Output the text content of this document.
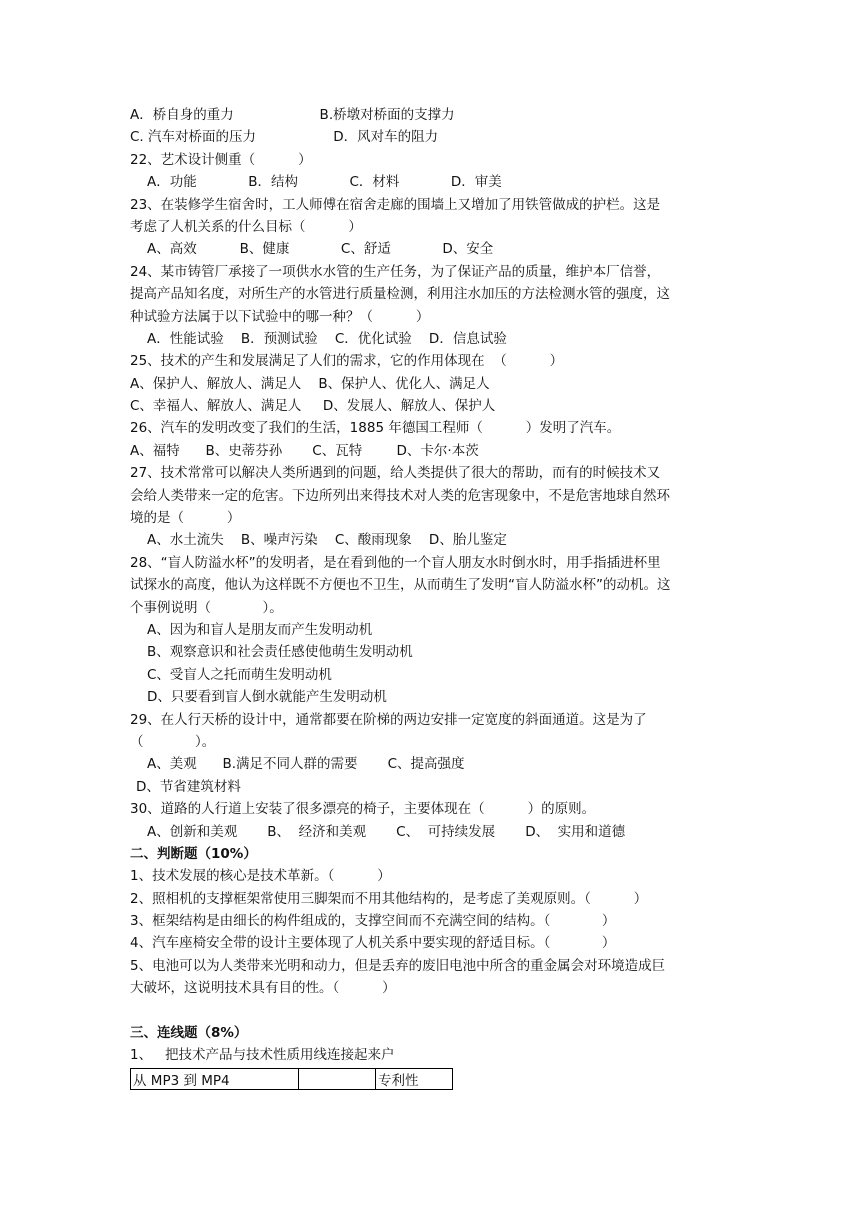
A．桥自身的重力                    B.桥墩对桥面的支撑力
C. 汽车对桥面的压力                  D．风对车的阻力
22、艺术设计侧重（          ）
A．功能            B．结构            C．材料            D．审美
23、在装修学生宿舍时，工人师傅在宿舍走廊的围墙上又增加了用铁管做成的护栏。这是
考虑了人机关系的什么目标（          ）
A、高效          B、健康            C、舒适            D、安全
24、某市铸管厂承接了一项供水水管的生产任务，为了保证产品的质量，维护本厂信誉，
提高产品知名度，对所生产的水管进行质量检测，利用注水加压的方法检测水管的强度，这
种试验方法属于以下试验中的哪一种？（          ）
A．性能试验    B．预测试验    C．优化试验    D．信息试验
25、技术的产生和发展满足了人们的需求，它的作用体现在  （          ）
A、保护人、解放人、满足人    B、保护人、优化人、满足人
C、幸福人、解放人、满足人     D、发展人、解放人、保护人
26、汽车的发明改变了我们的生活，1885 年德国工程师（          ）发明了汽车。
A、福特      B、史蒂芬孙       C、瓦特        D、卡尔·本茨
27、技术常常可以解决人类所遇到的问题，给人类提供了很大的帮助，而有的时候技术又
会给人类带来一定的危害。下边所列出来得技术对人类的危害现象中，不是危害地球自然环
境的是（          ）
A、水土流失    B、噪声污染    C、酸雨现象    D、胎儿鉴定
28、“盲人防溢水杯”的发明者，是在看到他的一个盲人朋友水时倒水时，用手指插进杯里
试探水的高度，他认为这样既不方便也不卫生，从而萌生了发明“盲人防溢水杯”的动机。这
个事例说明（            ）。
A、因为和盲人是朋友而产生发明动机
B、观察意识和社会责任感使他萌生发明动机
C、受盲人之托而萌生发明动机
D、只要看到盲人倒水就能产生发明动机
29、在人行天桥的设计中，通常都要在阶梯的两边安排一定宽度的斜面通道。这是为了
（            ）。
A、美观      B.满足不同人群的需要       C、提高强度
D、节省建筑材料
30、道路的人行道上安装了很多漂亮的椅子，主要体现在（          ）的原则。
A、创新和美观       B、  经济和美观       C、  可持续发展       D、  实用和道德
二、判断题（10%）
1、技术发展的核心是技术革新。（          ）
2、照相机的支撑框架常使用三脚架而不用其他结构的，是考虑了美观原则。（          ）
3、框架结构是由细长的构件组成的，支撑空间而不充满空间的结构。（            ）
4、汽车座椅安全带的设计主要体现了人机关系中要实现的舒适目标。（            ）
5、电池可以为人类带来光明和动力，但是丢弃的废旧电池中所含的重金属会对环境造成巨
大破坏，这说明技术具有目的性。（          ）
三、连线题（8%）
1、   把技术产品与技术性质用线连接起来户
从 MP3 到 MP4		专利性
